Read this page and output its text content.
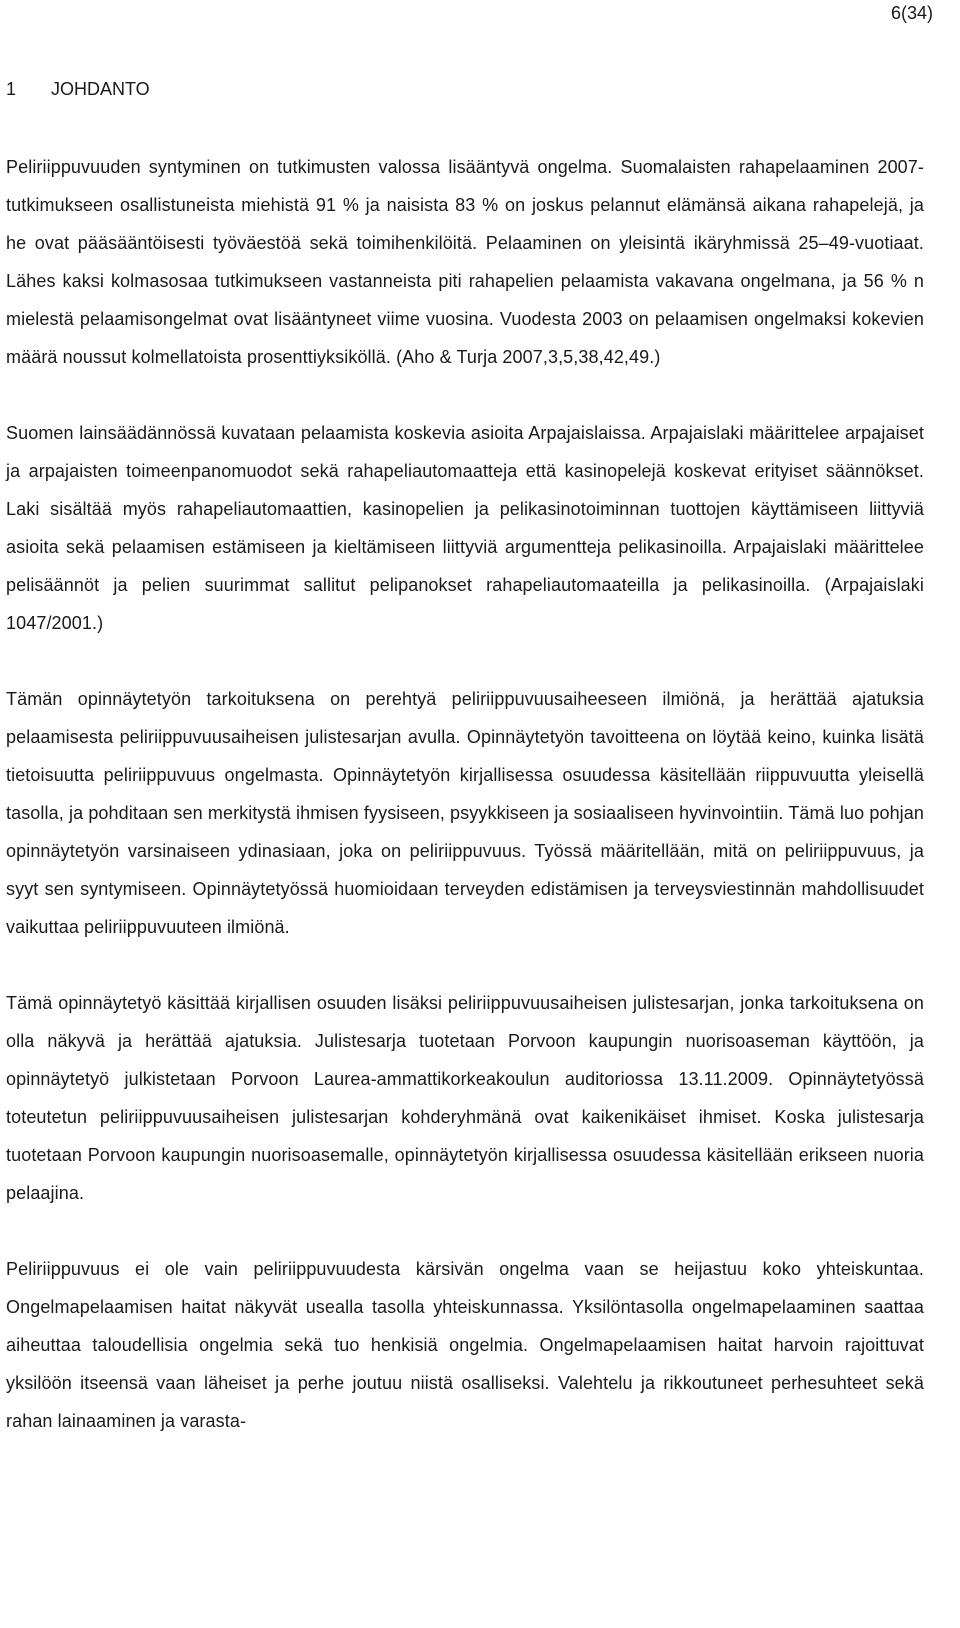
6(34)
1	JOHDANTO

Peliriippuvuuden syntyminen on tutkimusten valossa lisääntyvä ongelma. Suomalaisten rahapelaaminen 2007- tutkimukseen osallistuneista miehistä 91 % ja naisista 83 % on joskus pelannut elämänsä aikana rahapelejä, ja he ovat pääsääntöisesti työväestöä sekä toimihenkilöitä. Pelaaminen on yleisintä ikäryhmissä 25–49-vuotiaat. Lähes kaksi kolmasosaa tutkimukseen vastanneista piti rahapelien pelaamista vakavana ongelmana, ja 56 % n mielestä pelaamisongelmat ovat lisääntyneet viime vuosina. Vuodesta 2003 on pelaamisen ongelmaksi kokevien määrä noussut kolmellatoista prosenttiyksiköllä. (Aho & Turja 2007,3,5,38,42,49.)

Suomen lainsäädännössä kuvataan pelaamista koskevia asioita Arpajaislaissa. Arpajaislaki määrittelee arpajaiset ja arpajaisten toimeenpanomuodot sekä rahapeliautomaatteja että kasinopelejä koskevat erityiset säännökset. Laki sisältää myös rahapeliautomaattien, kasinopelien ja pelikasinotoiminnan tuottojen käyttämiseen liittyviä asioita sekä pelaamisen estämiseen ja kieltämiseen liittyviä argumentteja pelikasinoilla. Arpajaislaki määrittelee pelisäännöt ja pelien suurimmat sallitut pelipanokset rahapeliautomaateilla ja pelikasinoilla. (Arpajaislaki 1047/2001.)

Tämän opinnäytetyön tarkoituksena on perehtyä peliriippuvuusaiheeseen ilmiönä, ja herättää ajatuksia pelaamisesta peliriippuvuusaiheisen julistesarjan avulla. Opinnäytetyön tavoitteena on löytää keino, kuinka lisätä tietoisuutta peliriippuvuus ongelmasta. Opinnäytetyön kirjallisessa osuudessa käsitellään riippuvuutta yleisellä tasolla, ja pohditaan sen merkitystä ihmisen fyysiseen, psyykkiseen ja sosiaaliseen hyvinvointiin. Tämä luo pohjan opinnäytetyön varsinaiseen ydinasiaan, joka on peliriippuvuus. Työssä määritellään, mitä on peliriippuvuus, ja syyt sen syntymiseen. Opinnäytetyössä huomioidaan terveyden edistämisen ja terveysviestinnän mahdollisuudet vaikuttaa peliriippuvuuteen ilmiönä.

Tämä opinnäytetyö käsittää kirjallisen osuuden lisäksi peliriippuvuusaiheisen julistesarjan, jonka tarkoituksena on olla näkyvä ja herättää ajatuksia. Julistesarja tuotetaan Porvoon kaupungin nuorisoaseman käyttöön, ja opinnäytetyö julkistetaan Porvoon Laurea-ammattikorkeakoulun auditoriossa 13.11.2009. Opinnäytetyössä toteutetun peliriippuvuusaiheisen julistesarjan kohderyhmänä ovat kaikenikäiset ihmiset. Koska julistesarja tuotetaan Porvoon kaupungin nuorisoasemalle, opinnäytetyön kirjallisessa osuudessa käsitellään erikseen nuoria pelaajina.

Peliriippuvuus ei ole vain peliriippuvuudesta kärsivän ongelma vaan se heijastuu koko yhteiskuntaa. Ongelmapelaamisen haitat näkyvät usealla tasolla yhteiskunnassa. Yksilöntasolla ongelmapelaaminen saattaa aiheuttaa taloudellisia ongelmia sekä tuo henkisiä ongelmia. Ongelmapelaamisen haitat harvoin rajoittuvat yksilöön itseensä vaan läheiset ja perhe joutuu niistä osalliseksi. Valehtelu ja rikkoutuneet perhesuhteet sekä rahan lainaaminen ja varasta-
